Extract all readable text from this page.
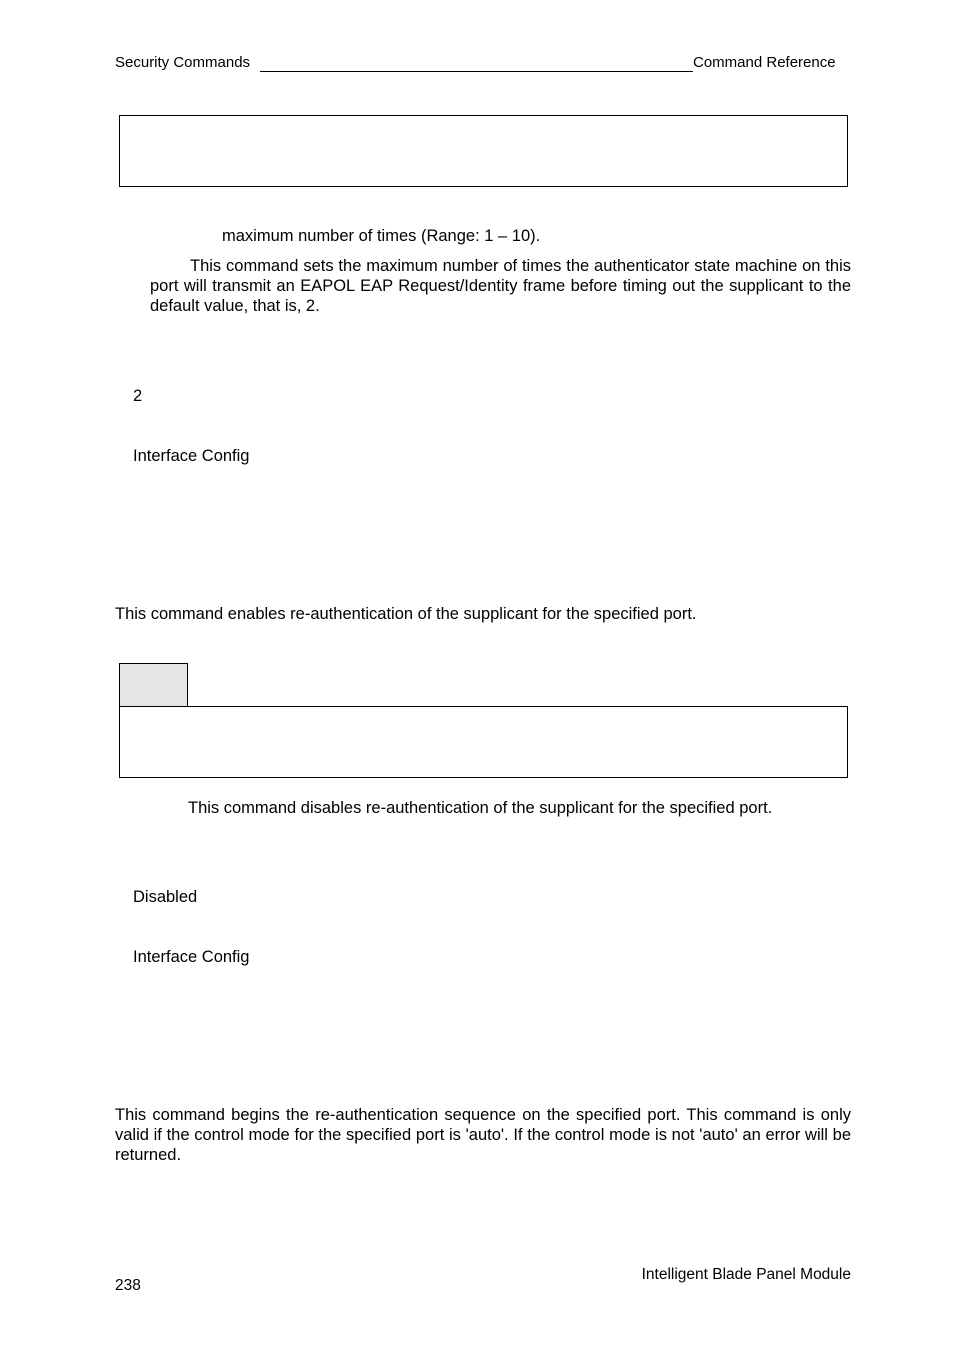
Security Commands	Command Reference
maximum number of times (Range: 1 – 10).
This command sets the maximum number of times the authenticator state machine on this port will transmit an EAPOL EAP Request/Identity frame before timing out the supplicant to the default value, that is, 2.
2
Interface Config
This command enables re-authentication of the supplicant for the specified port.
This command disables re-authentication of the supplicant for the specified port.
Disabled
Interface Config
This command begins the re-authentication sequence on the specified port. This command is only valid if the control mode for the specified port is 'auto'. If the control mode is not 'auto' an error will be returned.
238
Intelligent Blade Panel Module
